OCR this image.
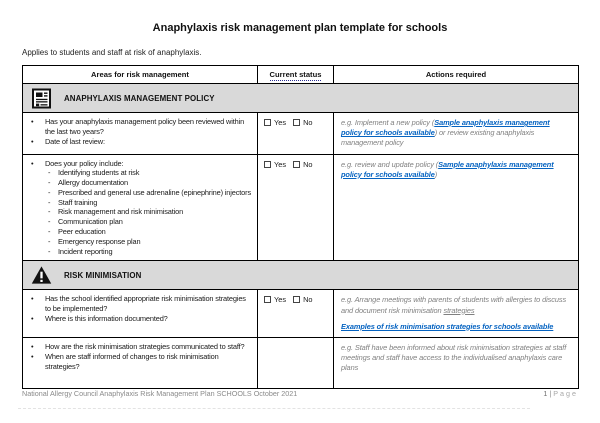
Anaphylaxis risk management plan template for schools
Applies to students and staff at risk of anaphylaxis.
Areas for risk management	Current status	Actions required

ANAPHYLAXIS MANAGEMENT POLICY		

•
Has your anaphylaxis management policy been reviewed within the last two years?
•
Date of last review:

Yes No	e.g. Implement a new policy (Sample anaphylaxis management policy for schools available) or review existing anaphylaxis management policy

•
Does your policy include:
-
Identifying students at risk
-
Allergy documentation
-
Prescribed and general use adrenaline (epinephrine) injectors
-
Staff training
-
Risk management and risk minimisation
-
Communication plan
-
Peer education
-
Emergency response plan
-
Incident reporting

Yes No	e.g. review and update policy (Sample anaphylaxis management policy for schools available)

RISK MINIMISATION		

•
Has the school identified appropriate risk minimisation strategies to be implemented?
•
Where is this information documented?

Yes No	e.g. Arrange meetings with parents of students with allergies to discuss and document risk minimisation strategies

Examples of risk minimisation strategies for schools available

•
How are the risk minimisation strategies communicated to staff?
•
When are staff informed of changes to risk minimisation strategies?		e.g. Staff have been informed about risk minimisation strategies at staff meetings and staff have access to the individualised anaphylaxis care plans

National Allergy Council Anaphylaxis Risk Management Plan SCHOOLS October 2021	1 | Page
